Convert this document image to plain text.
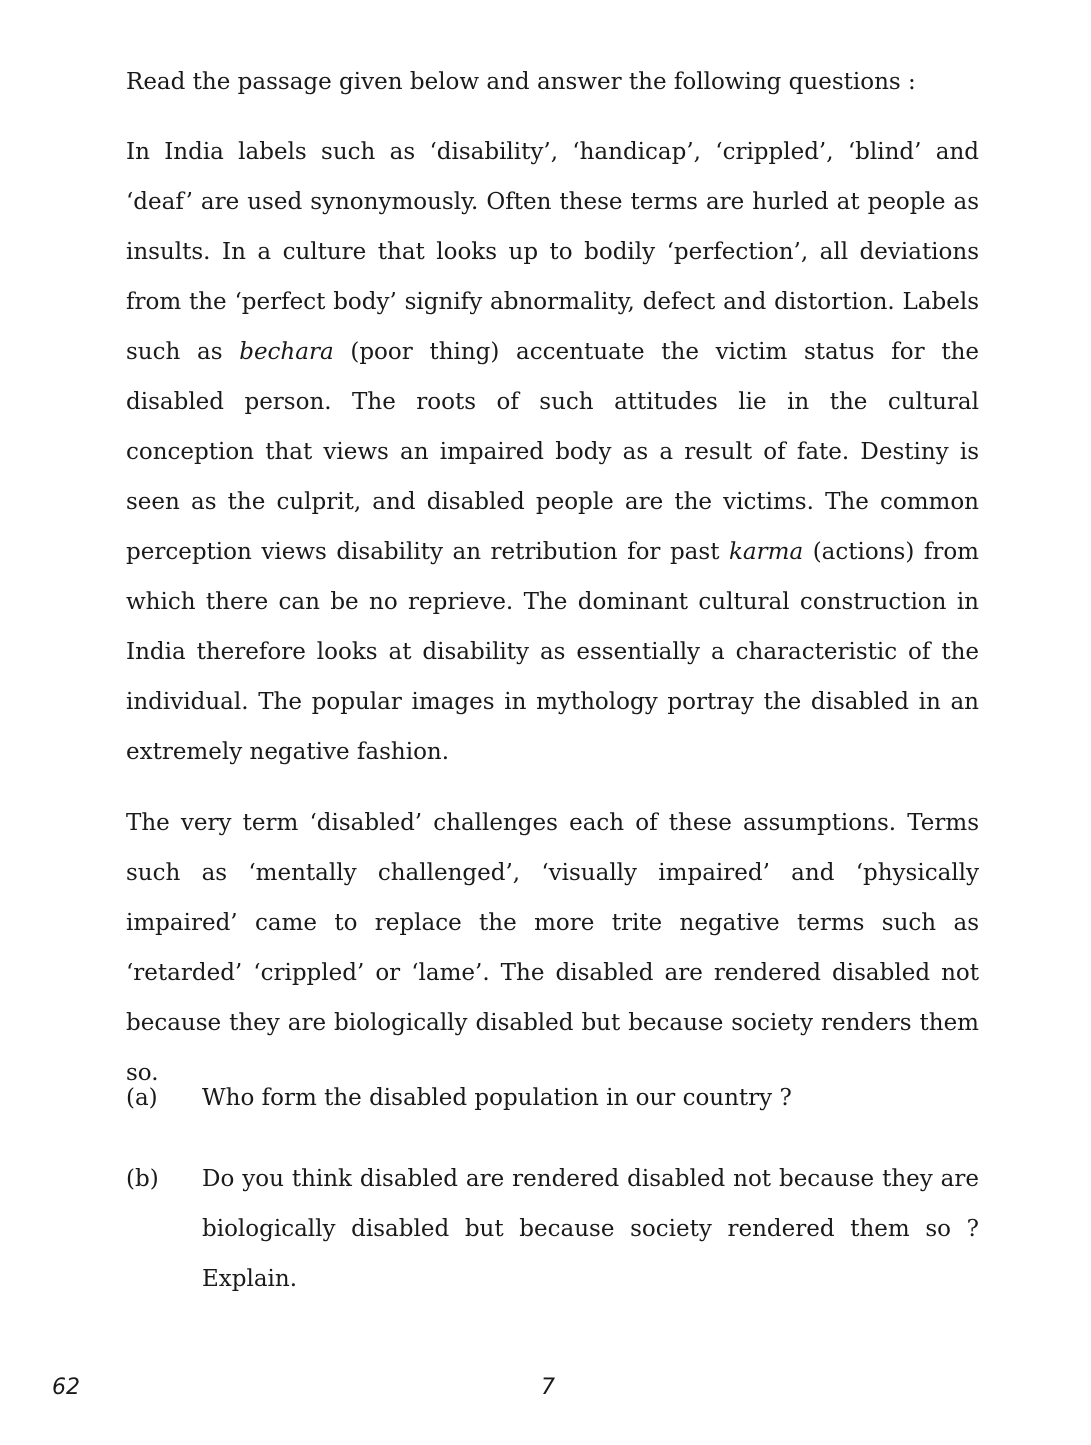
Read the passage given below and answer the following questions :

In India labels such as ‘disability’, ‘handicap’, ‘crippled’, ‘blind’ and ‘deaf’ are used synonymously. Often these terms are hurled at people as insults. In a culture that looks up to bodily ‘perfection’, all deviations from the ‘perfect body’ signify abnormality, defect and distortion. Labels such as bechara (poor thing) accentuate the victim status for the disabled person. The roots of such attitudes lie in the cultural conception that views an impaired body as a result of fate. Destiny is seen as the culprit, and disabled people are the victims. The common perception views disability an retribution for past karma (actions) from which there can be no reprieve. The dominant cultural construction in India therefore looks at disability as essentially a characteristic of the individual. The popular images in mythology portray the disabled in an extremely negative fashion.

The very term ‘disabled’ challenges each of these assumptions. Terms such as ‘mentally challenged’, ‘visually impaired’ and ‘physically impaired’ came to replace the more trite negative terms such as ‘retarded’ ‘crippled’ or ‘lame’. The disabled are rendered disabled not because they are biologically disabled but because society renders them so.

(a)	Who form the disabled population in our country ?
(b)	Do you think disabled are rendered disabled not because they are biologically disabled but because society rendered them so ? Explain.
62	7
